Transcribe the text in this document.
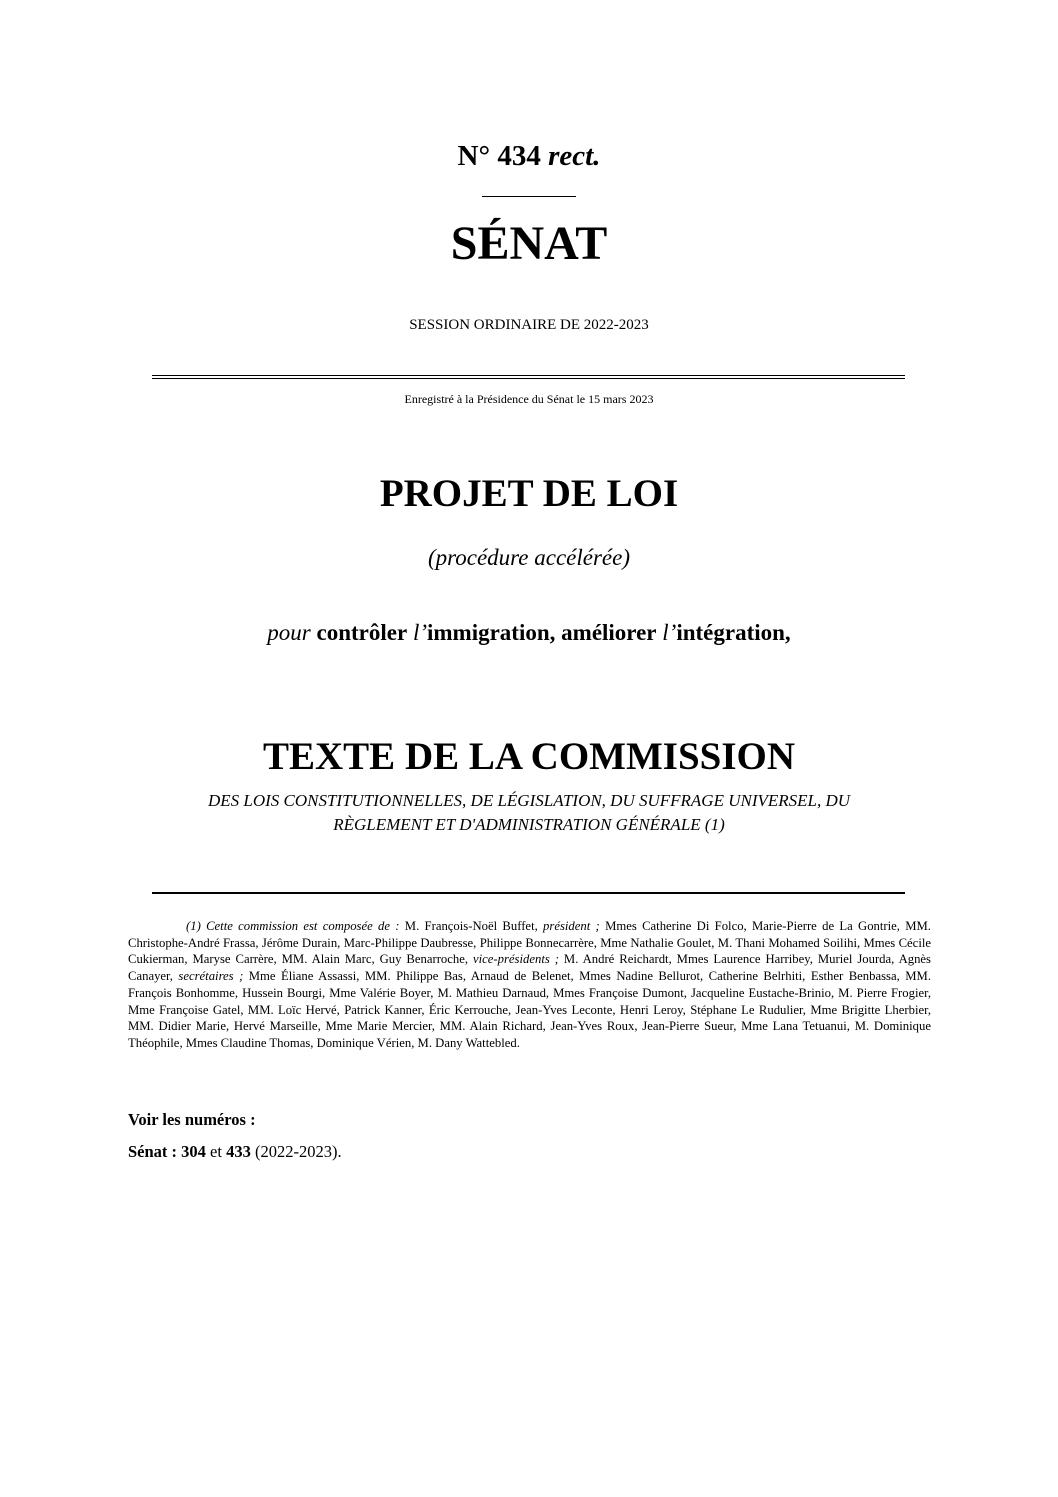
N° 434 rect.
SÉNAT
SESSION ORDINAIRE DE 2022-2023
Enregistré à la Présidence du Sénat le 15 mars 2023
PROJET DE LOI
(procédure accélérée)
pour contrôler l’immigration, améliorer l’intégration,
TEXTE DE LA COMMISSION
DES LOIS CONSTITUTIONNELLES, DE LÉGISLATION, DU SUFFRAGE UNIVERSEL, DU
RÈGLEMENT ET D'ADMINISTRATION GÉNÉRALE (1)
(1) Cette commission est composée de : M. François-Noël Buffet, président ; Mmes Catherine Di Folco, Marie-Pierre de La Gontrie, MM. Christophe-André Frassa, Jérôme Durain, Marc-Philippe Daubresse, Philippe Bonnecarrère, Mme Nathalie Goulet, M. Thani Mohamed Soilihi, Mmes Cécile Cukierman, Maryse Carrère, MM. Alain Marc, Guy Benarroche, vice-présidents ; M. André Reichardt, Mmes Laurence Harribey, Muriel Jourda, Agnès Canayer, secrétaires ; Mme Éliane Assassi, MM. Philippe Bas, Arnaud de Belenet, Mmes Nadine Bellurot, Catherine Belrhiti, Esther Benbassa, MM. François Bonhomme, Hussein Bourgi, Mme Valérie Boyer, M. Mathieu Darnaud, Mmes Françoise Dumont, Jacqueline Eustache-Brinio, M. Pierre Frogier, Mme Françoise Gatel, MM. Loïc Hervé, Patrick Kanner, Éric Kerrouche, Jean-Yves Leconte, Henri Leroy, Stéphane Le Rudulier, Mme Brigitte Lherbier, MM. Didier Marie, Hervé Marseille, Mme Marie Mercier, MM. Alain Richard, Jean-Yves Roux, Jean-Pierre Sueur, Mme Lana Tetuanui, M. Dominique Théophile, Mmes Claudine Thomas, Dominique Vérien, M. Dany Wattebled.
Voir les numéros :
Sénat : 304 et 433 (2022-2023).
